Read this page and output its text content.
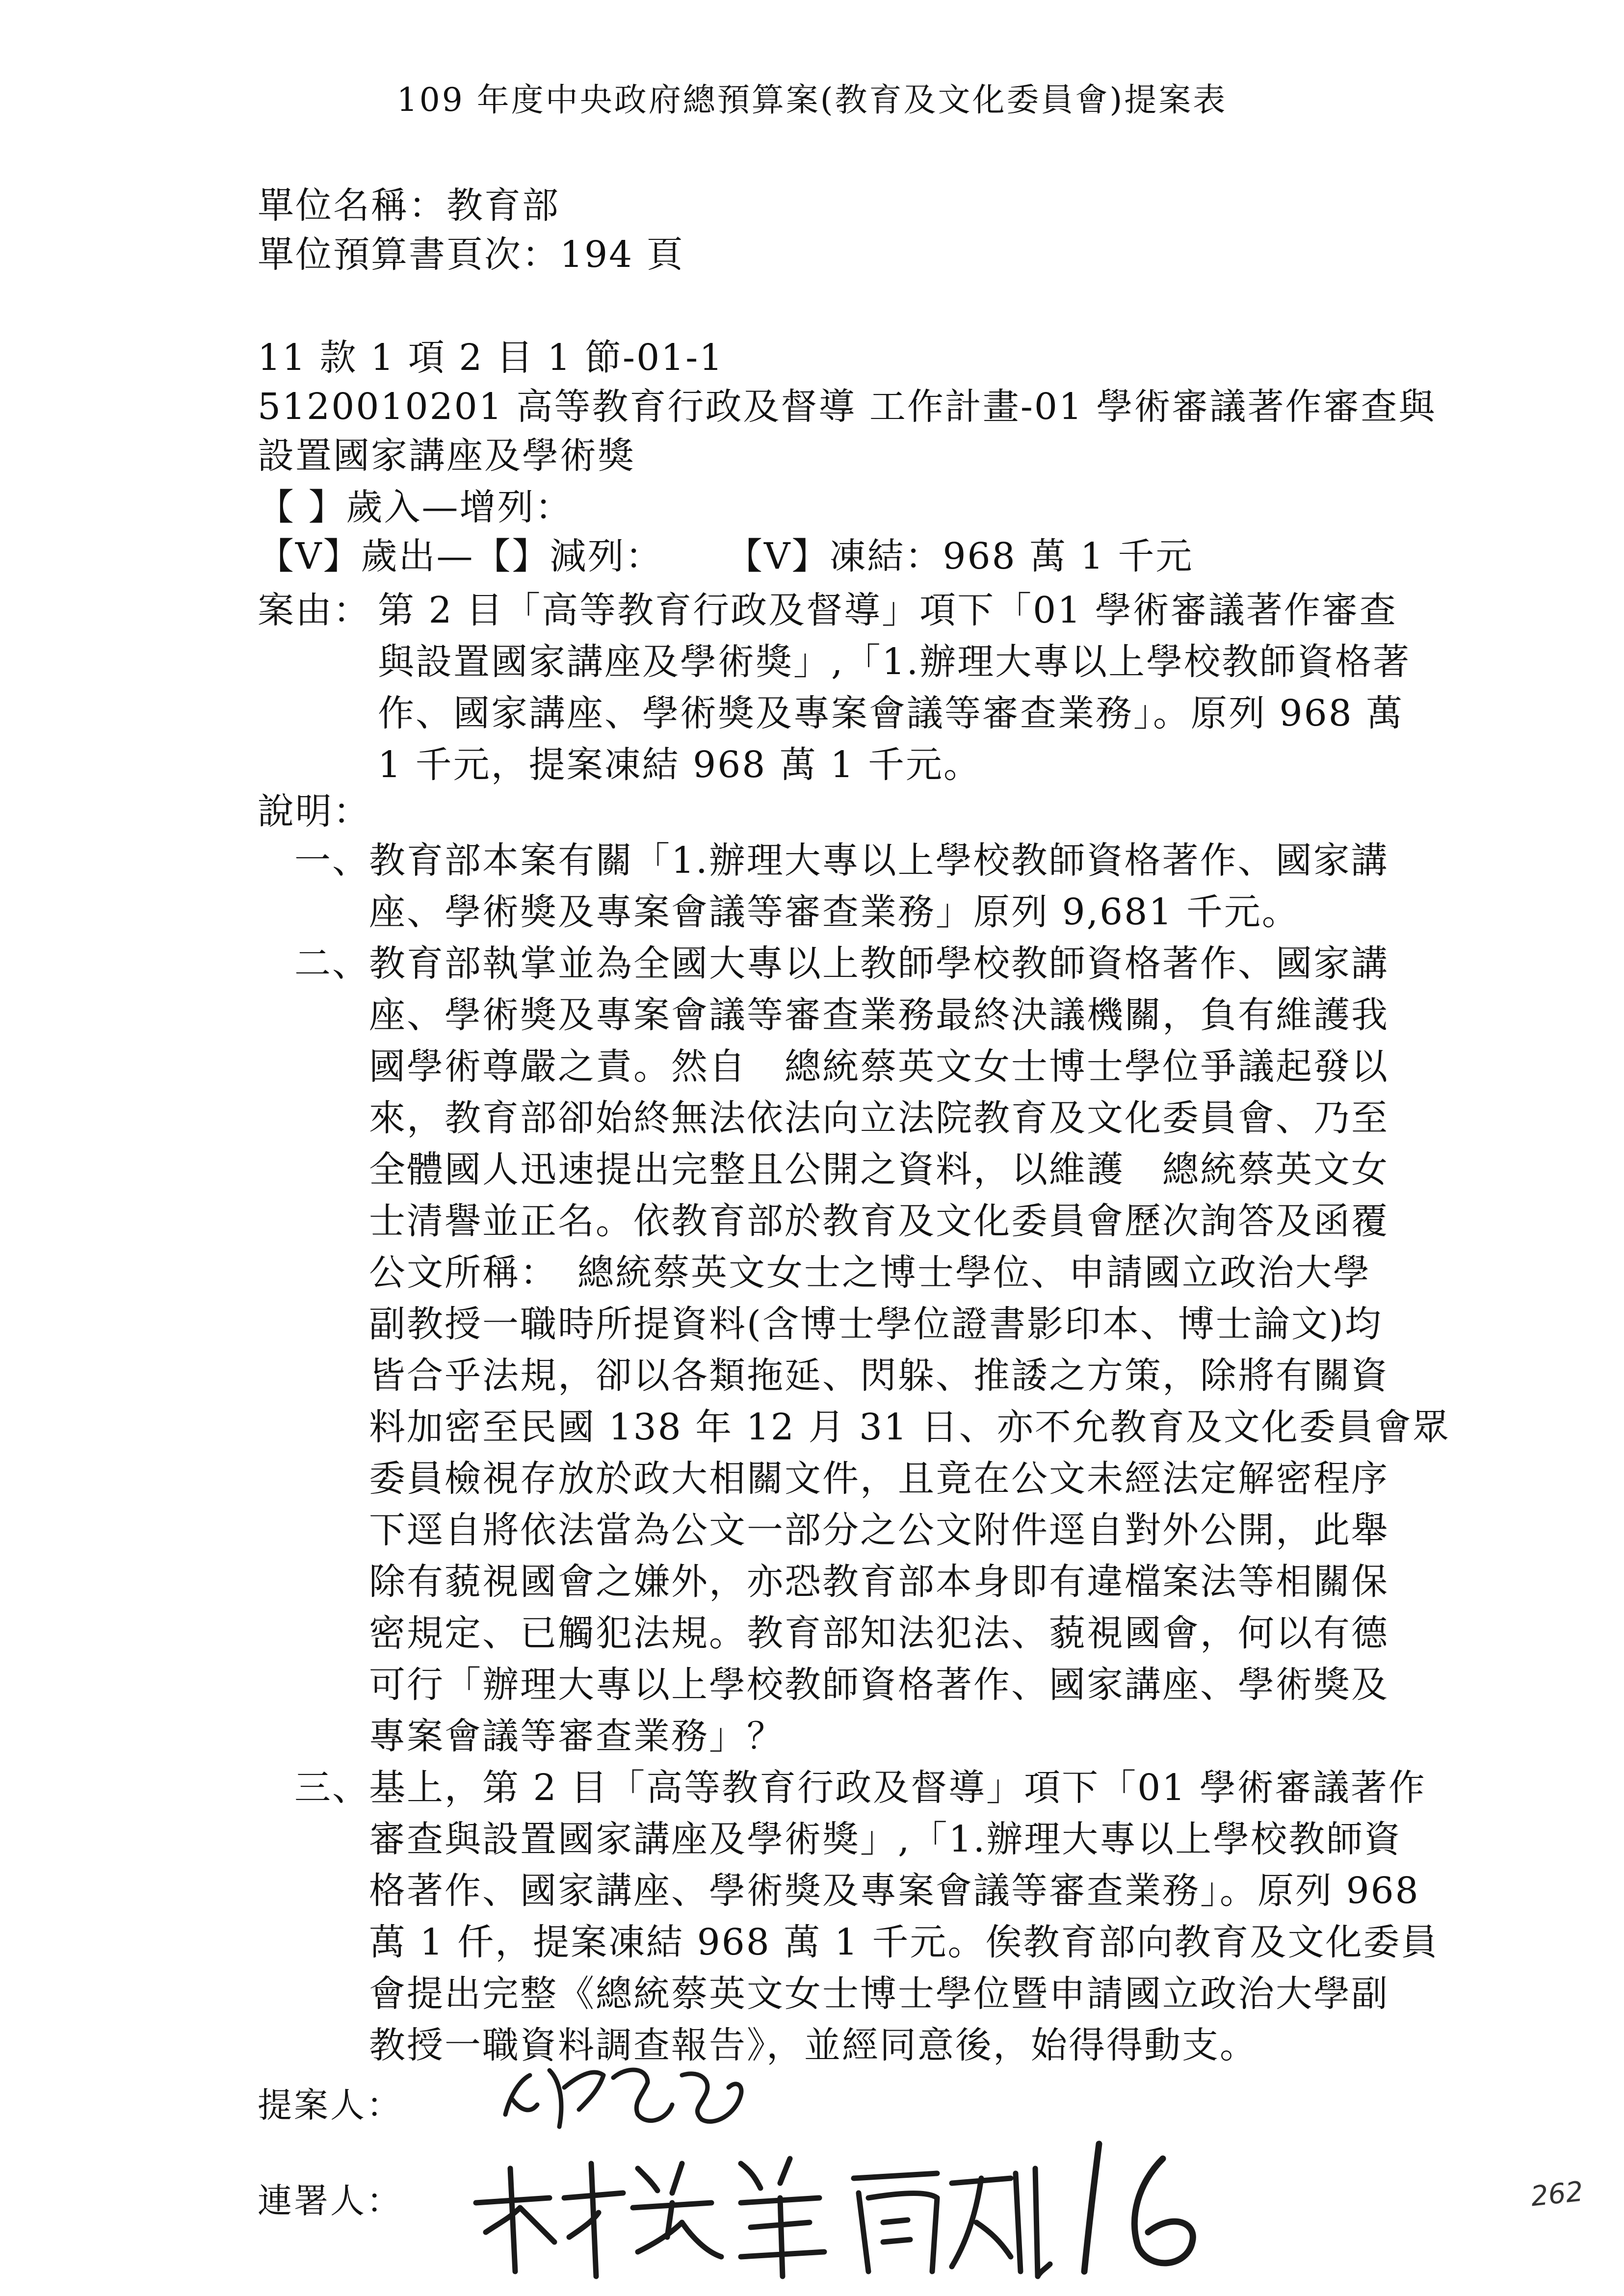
109 年度中央政府總預算案(教育及文化委員會)提案表
單位名稱：教育部
單位預算書頁次：194 頁
11 款 1 項 2 目 1 節-01-1
5120010201 高等教育行政及督導 工作計畫-01 學術審議著作審查與
設置國家講座及學術獎
【 】歲入—增列：
【V】歲出—【】減列： 【V】凍結：968 萬 1 千元
案由： 第 2 目「高等教育行政及督導」項下「01 學術審議著作審查
與設置國家講座及學術獎」,「1.辦理大專以上學校教師資格著
作、國家講座、學術獎及專案會議等審查業務」。原列 968 萬
1 千元，提案凍結 968 萬 1 千元。
說明：
一、
教育部本案有關「1.辦理大專以上學校教師資格著作、國家講
座、學術獎及專案會議等審查業務」原列 9,681 千元。
二、
教育部執掌並為全國大專以上教師學校教師資格著作、國家講
座、學術獎及專案會議等審查業務最終決議機關，負有維護我
國學術尊嚴之責。然自　總統蔡英文女士博士學位爭議起發以
來，教育部卻始終無法依法向立法院教育及文化委員會、乃至
全體國人迅速提出完整且公開之資料，以維護　總統蔡英文女
士清譽並正名。依教育部於教育及文化委員會歷次詢答及函覆
公文所稱：　總統蔡英文女士之博士學位、申請國立政治大學
副教授一職時所提資料(含博士學位證書影印本、博士論文)均
皆合乎法規，卻以各類拖延、閃躲、推諉之方策，除將有關資
料加密至民國 138 年 12 月 31 日、亦不允教育及文化委員會眾
委員檢視存放於政大相關文件，且竟在公文未經法定解密程序
下逕自將依法當為公文一部分之公文附件逕自對外公開，此舉
除有藐視國會之嫌外，亦恐教育部本身即有違檔案法等相關保
密規定、已觸犯法規。教育部知法犯法、藐視國會，何以有德
可行「辦理大專以上學校教師資格著作、國家講座、學術獎及
專案會議等審查業務」？
三、
基上，第 2 目「高等教育行政及督導」項下「01 學術審議著作
審查與設置國家講座及學術獎」,「1.辦理大專以上學校教師資
格著作、國家講座、學術獎及專案會議等審查業務」。原列 968
萬 1 仟，提案凍結 968 萬 1 千元。俟教育部向教育及文化委員
會提出完整《總統蔡英文女士博士學位暨申請國立政治大學副
教授一職資料調查報告》，並經同意後，始得得動支。
提案人：
連署人：	262
